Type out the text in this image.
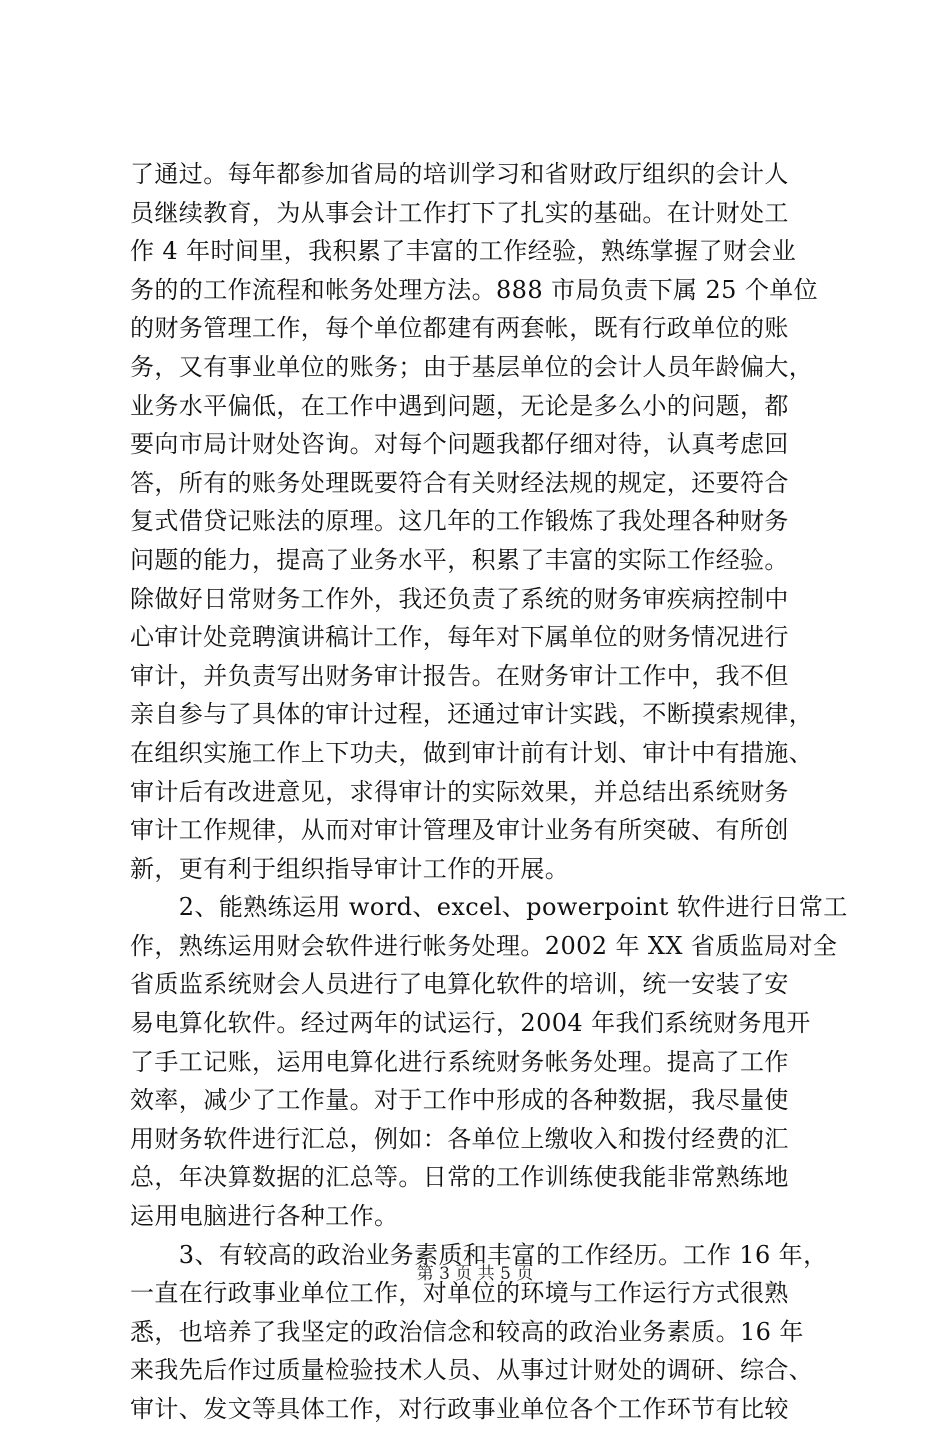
了通过。每年都参加省局的培训学习和省财政厅组织的会计人
员继续教育，为从事会计工作打下了扎实的基础。在计财处工
作 4 年时间里，我积累了丰富的工作经验，熟练掌握了财会业
务的的工作流程和帐务处理方法。888 市局负责下属 25 个单位
的财务管理工作，每个单位都建有两套帐，既有行政单位的账
务，又有事业单位的账务；由于基层单位的会计人员年龄偏大，
业务水平偏低，在工作中遇到问题，无论是多么小的问题，都
要向市局计财处咨询。对每个问题我都仔细对待，认真考虑回
答，所有的账务处理既要符合有关财经法规的规定，还要符合
复式借贷记账法的原理。这几年的工作锻炼了我处理各种财务
问题的能力，提高了业务水平，积累了丰富的实际工作经验。
除做好日常财务工作外，我还负责了系统的财务审疾病控制中
心审计处竞聘演讲稿计工作，每年对下属单位的财务情况进行
审计，并负责写出财务审计报告。在财务审计工作中，我不但
亲自参与了具体的审计过程，还通过审计实践，不断摸索规律，
在组织实施工作上下功夫，做到审计前有计划、审计中有措施、
审计后有改进意见，求得审计的实际效果，并总结出系统财务
审计工作规律，从而对审计管理及审计业务有所突破、有所创
新，更有利于组织指导审计工作的开展。
　　2、能熟练运用 word、excel、powerpoint 软件进行日常工
作，熟练运用财会软件进行帐务处理。2002 年 XX 省质监局对全
省质监系统财会人员进行了电算化软件的培训，统一安装了安
易电算化软件。经过两年的试运行，2004 年我们系统财务甩开
了手工记账，运用电算化进行系统财务帐务处理。提高了工作
效率，减少了工作量。对于工作中形成的各种数据，我尽量使
用财务软件进行汇总，例如：各单位上缴收入和拨付经费的汇
总，年决算数据的汇总等。日常的工作训练使我能非常熟练地
运用电脑进行各种工作。
　　3、有较高的政治业务素质和丰富的工作经历。工作 16 年，
一直在行政事业单位工作，对单位的环境与工作运行方式很熟
悉，也培养了我坚定的政治信念和较高的政治业务素质。16 年
来我先后作过质量检验技术人员、从事过计财处的调研、综合、
审计、发文等具体工作，对行政事业单位各个工作环节有比较
第 3 页 共 5 页
